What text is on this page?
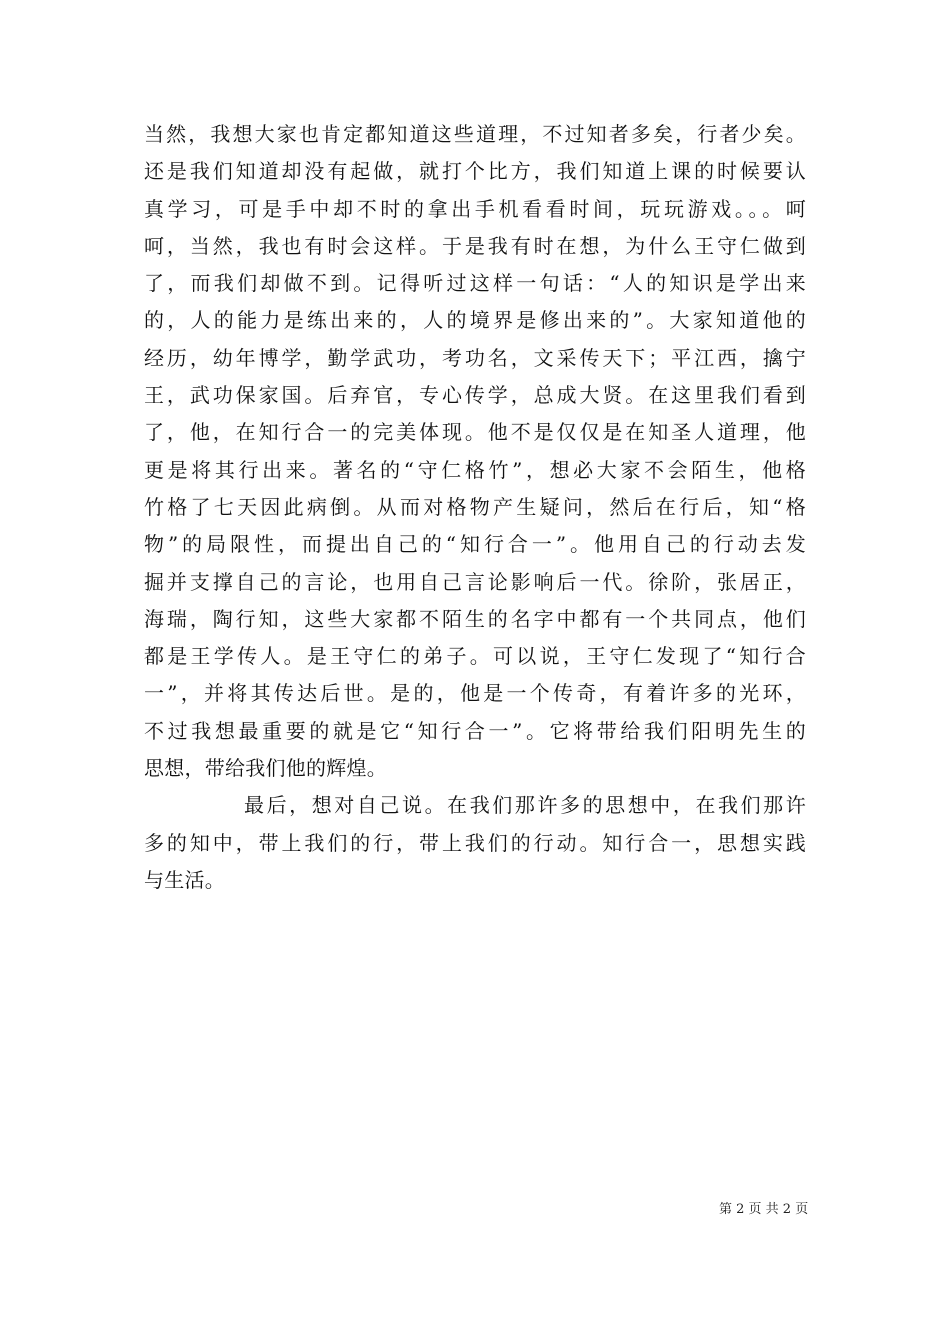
当然，我想大家也肯定都知道这些道理，不过知者多矣，行者少矣。
还是我们知道却没有起做，就打个比方，我们知道上课的时候要认
真学习，可是手中却不时的拿出手机看看时间，玩玩游戏。。。呵
呵，当然，我也有时会这样。于是我有时在想，为什么王守仁做到
了，而我们却做不到。记得听过这样一句话：“人的知识是学出来
的，人的能力是练出来的，人的境界是修出来的”。大家知道他的
经历，幼年博学，勤学武功，考功名，文采传天下；平江西，擒宁
王，武功保家国。后弃官，专心传学，总成大贤。在这里我们看到
了，他，在知行合一的完美体现。他不是仅仅是在知圣人道理，他
更是将其行出来。著名的“守仁格竹”，想必大家不会陌生，他格
竹格了七天因此病倒。从而对格物产生疑问，然后在行后，知“格
物”的局限性，而提出自己的“知行合一”。他用自己的行动去发
掘并支撑自己的言论，也用自己言论影响后一代。徐阶，张居正，
海瑞，陶行知，这些大家都不陌生的名字中都有一个共同点，他们
都是王学传人。是王守仁的弟子。可以说，王守仁发现了“知行合
一”，并将其传达后世。是的，他是一个传奇，有着许多的光环，
不过我想最重要的就是它“知行合一”。它将带给我们阳明先生的
思想，带给我们他的辉煌。
最后，想对自己说。在我们那许多的思想中，在我们那许
多的知中，带上我们的行，带上我们的行动。知行合一，思想实践
与生活。
第 2 页 共 2 页
